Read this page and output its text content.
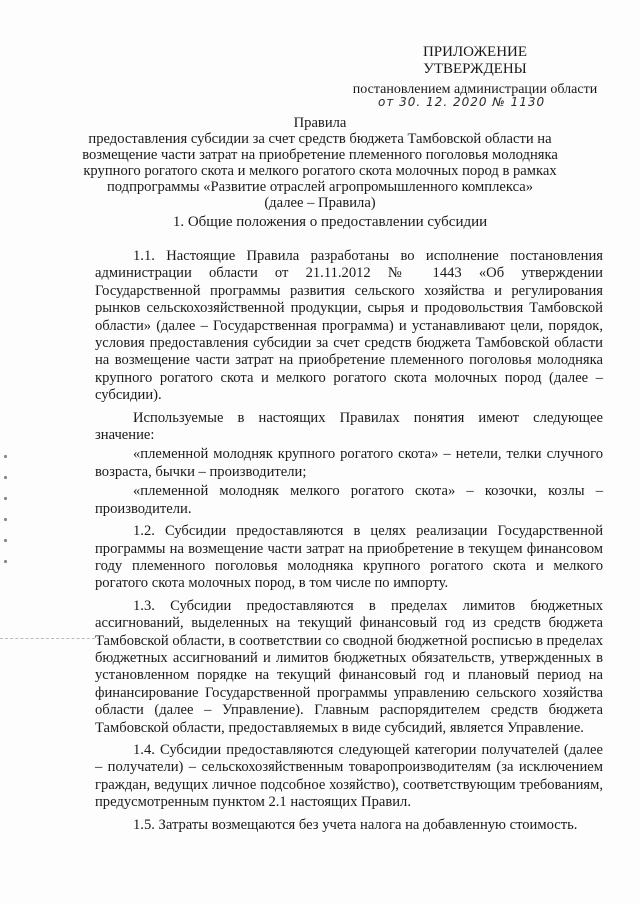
ПРИЛОЖЕНИЕ
УТВЕРЖДЕНЫ
постановлением администрации области
от 30. 12. 2020 № 1130
Правила
предоставления субсидии за счет средств бюджета Тамбовской области на
возмещение части затрат на приобретение племенного поголовья молодняка
крупного рогатого скота и мелкого рогатого скота молочных пород в рамках
подпрограммы «Развитие отраслей агропромышленного комплекса»
(далее – Правила)
1. Общие положения о предоставлении субсидии

1.1. Настоящие Правила разработаны во исполнение постановления администрации области от 21.11.2012 № 1443 «Об утверждении Государственной программы развития сельского хозяйства и регулирования рынков сельскохозяйственной продукции, сырья и продовольствия Тамбовской области» (далее – Государственная программа) и устанавливают цели, порядок, условия предоставления субсидии за счет средств бюджета Тамбовской области на возмещение части затрат на приобретение племенного поголовья молодняка крупного рогатого скота и мелкого рогатого скота молочных пород (далее – субсидии).

Используемые в настоящих Правилах понятия имеют следующее значение:

«племенной молодняк крупного рогатого скота» – нетели, телки случного возраста, бычки – производители;

«племенной молодняк мелкого рогатого скота» – козочки, козлы – производители.

1.2. Субсидии предоставляются в целях реализации Государственной программы на возмещение части затрат на приобретение в текущем финансовом году племенного поголовья молодняка крупного рогатого скота и мелкого рогатого скота молочных пород, в том числе по импорту.

1.3. Субсидии предоставляются в пределах лимитов бюджетных ассигнований, выделенных на текущий финансовый год из средств бюджета Тамбовской области, в соответствии со сводной бюджетной росписью в пределах бюджетных ассигнований и лимитов бюджетных обязательств, утвержденных в установленном порядке на текущий финансовый год и плановый период на финансирование Государственной программы управлению сельского хозяйства области (далее – Управление). Главным распорядителем средств бюджета Тамбовской области, предоставляемых в виде субсидий, является Управление.

1.4. Субсидии предоставляются следующей категории получателей (далее – получатели) – сельскохозяйственным товаропроизводителям (за исключением граждан, ведущих личное подсобное хозяйство), соответствующим требованиям, предусмотренным пунктом 2.1 настоящих Правил.

1.5. Затраты возмещаются без учета налога на добавленную стоимость.
